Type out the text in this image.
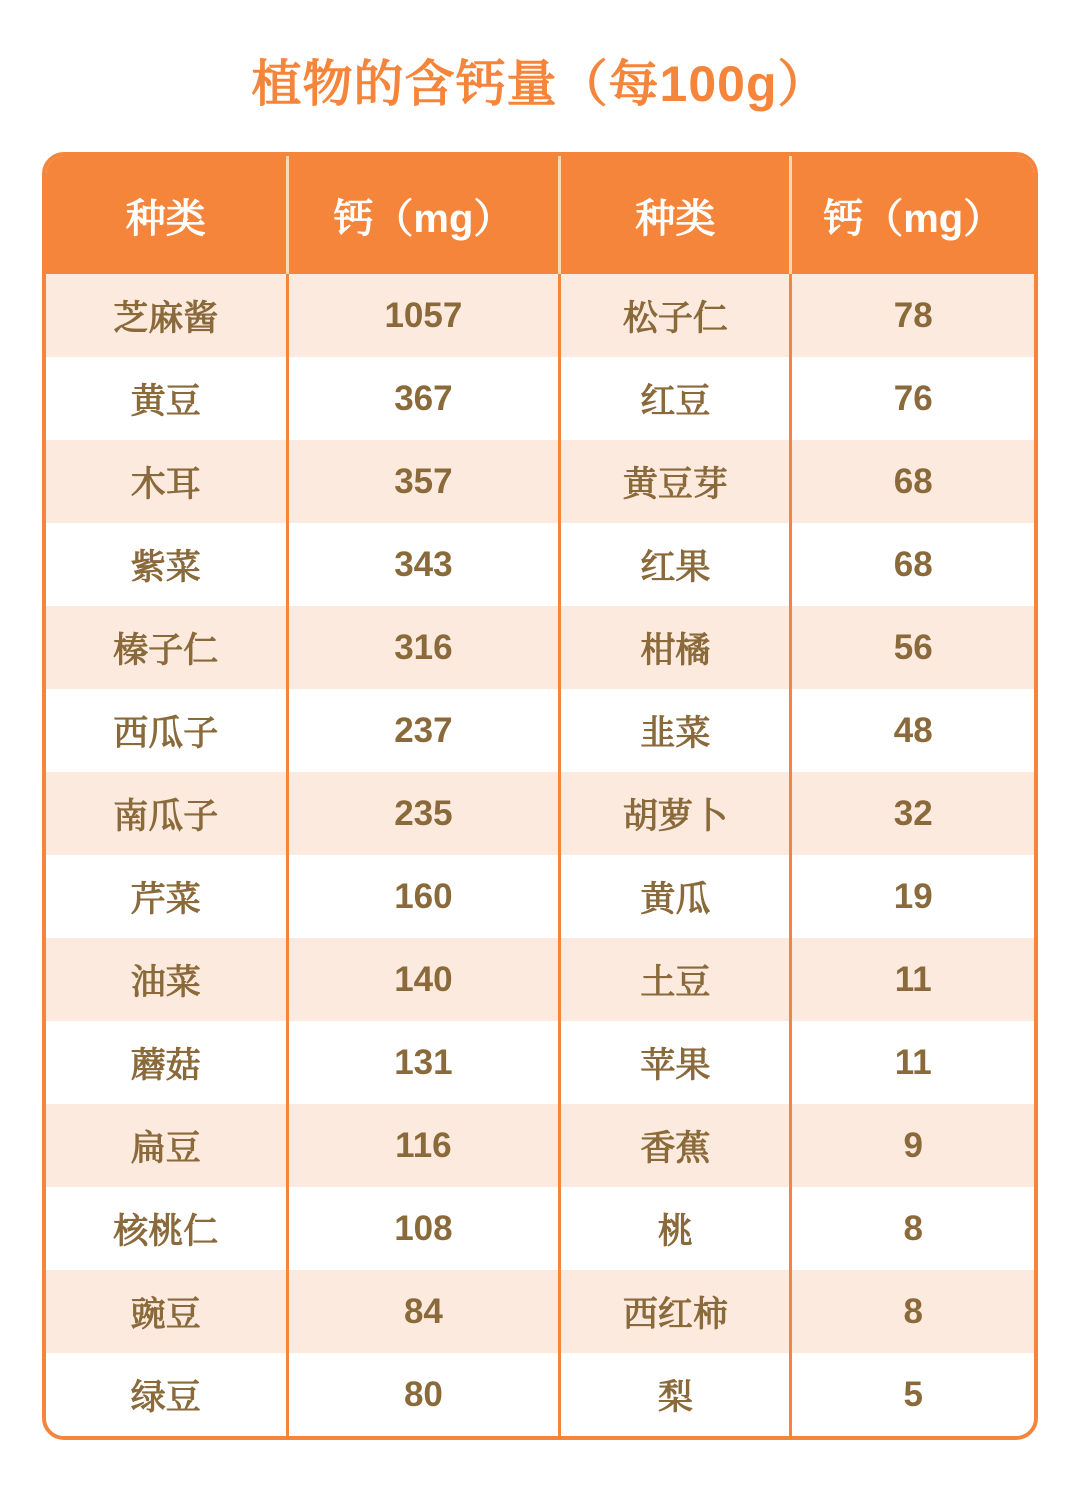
植物的含钙量（每100g）
种类	钙（mg）	种类	钙（mg）
芝麻酱	1057	松子仁	78
黄豆	367	红豆	76
木耳	357	黄豆芽	68
紫菜	343	红果	68
榛子仁	316	柑橘	56
西瓜子	237	韭菜	48
南瓜子	235	胡萝卜	32
芹菜	160	黄瓜	19
油菜	140	土豆	11
蘑菇	131	苹果	11
扁豆	116	香蕉	9
核桃仁	108	桃	8
豌豆	84	西红柿	8
绿豆	80	梨	5
